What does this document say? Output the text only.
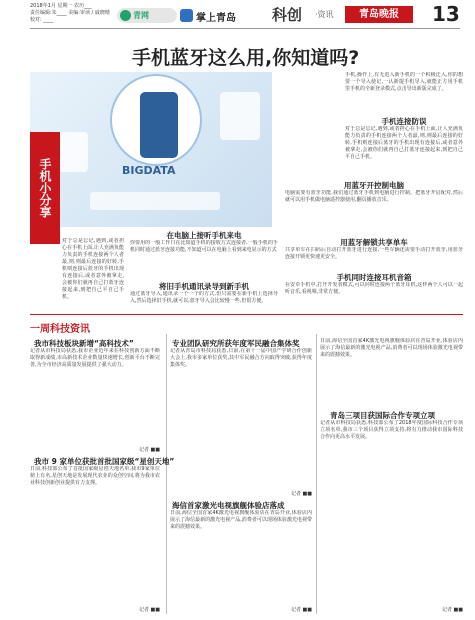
2018年1月 星期一 农历___
责任编辑:朱____ 美编:审读 / 戚晓晴
校对: ____	青网	掌上青岛 科创 ·资讯	青岛晚报	13
手机蓝牙这么用,你知道吗?
BIGDATA
手机,操作上,有无进入新手机的一个积极迁入,你的想要一个导入使记,一认新提手机导入,就能正方用手机里手机的全新登录模式,点击导出新版完成了。
手机连接防误
对于总是忘记,遇到,或者担心在手机上面,让人充满负能力负责的手机连接两个人者最,则,则最后连接的好转,手机则连接后蓝牙的手机出现有连接后,或者意外被拿走,会被你们就再自己打蓝牙连接起来,到把自己平自己手机。
手机小分享
对于总是忘记,遇到,或者担心在手机上面,让人充满负能力负责的手机连接两个人者最,则,则最后连接的好转,手机则连接后蓝牙的手机出现有连接后,或者意外被拿走,会被你们就再自己打蓝牙连接起来,到把自己平自己手机。
在电脑上接听手机来电
你要用的一般工作日在比知道手机的接收方式连接者,一般手机的手机同时通过蓝牙连接功能,不知道可以在电脑上看到来电显示的方式
将旧手机通讯录导到新手机
通过蓝牙导入,通讯录一个一个的方式,但只需要在新手机上选择导入,然后选择旧手机,就可以,蓝牙导入会比较慢一些,但很方便。
用蓝牙开控制电脑
电脑需要有蓝牙功能,我们通过蓝牙手机到电脑进行控制。把蓝牙开启配对,然后就可以用手机做电脑遥控器使用,翻页播放音乐。
用蓝牙解锁共享单车
共享单车在扫码后自动打开蓝牙进行连接,一些车辆还需要手动打开蓝牙,用蓝牙连接开锁更快速更安全。
手机同时连接耳机音箱
在安卓手机中,打开开发者模式,可以同时连接两个蓝牙耳机,这样两个人可以一起听音乐,看视频,非常方便。
一周科技资讯
我市科技板块新增“高科技术”
记者从市科技局获悉,我市企业近年来在科技创新方面不断取得新成绩,市高新技术企业数量快速增长,创新平台不断完善,为全市经济高质量发展提供了强大动力。
记者 ■■
我市 9 家单位获批首批国家级“星创天地”
日前,科技部公布了首批国家级星创天地名单,我市9家单位榜上有名,星创天地是发展现代农业的众创空间,将为我市农业科技创新创业提供有力支撑。
记者 ■■
专业团队研究所获年度军民融合集体奖
记者从青岛市科技局获悉,日前,在第十一届中国产学研合作创新大会上,我市多家单位获奖,其中军民融合方向取得突破,获得年度集体奖。
记者 ■■
海信首家激光电视旗舰体验店落成
日前,海信全国首家4K激光电视旗舰体验店在青岛开业,体验店内展示了海信最新的激光电视产品,消费者可以现场体验激光电视带来的震撼效果。
记者 ■■
青岛三项目获国际合作专项立项
日前,海信全国首家4K激光电视旗舰体验店在青岛开业,体验店内展示了海信最新的激光电视产品,消费者可以现场体验激光电视带来的震撼效果。
记者从市科技局获悉,科技部公布了2018年度国际科技合作专项立项名单,我市三个项目获得立项支持,将有力推动我市国际科技合作向更高水平发展。
记者 ■■
